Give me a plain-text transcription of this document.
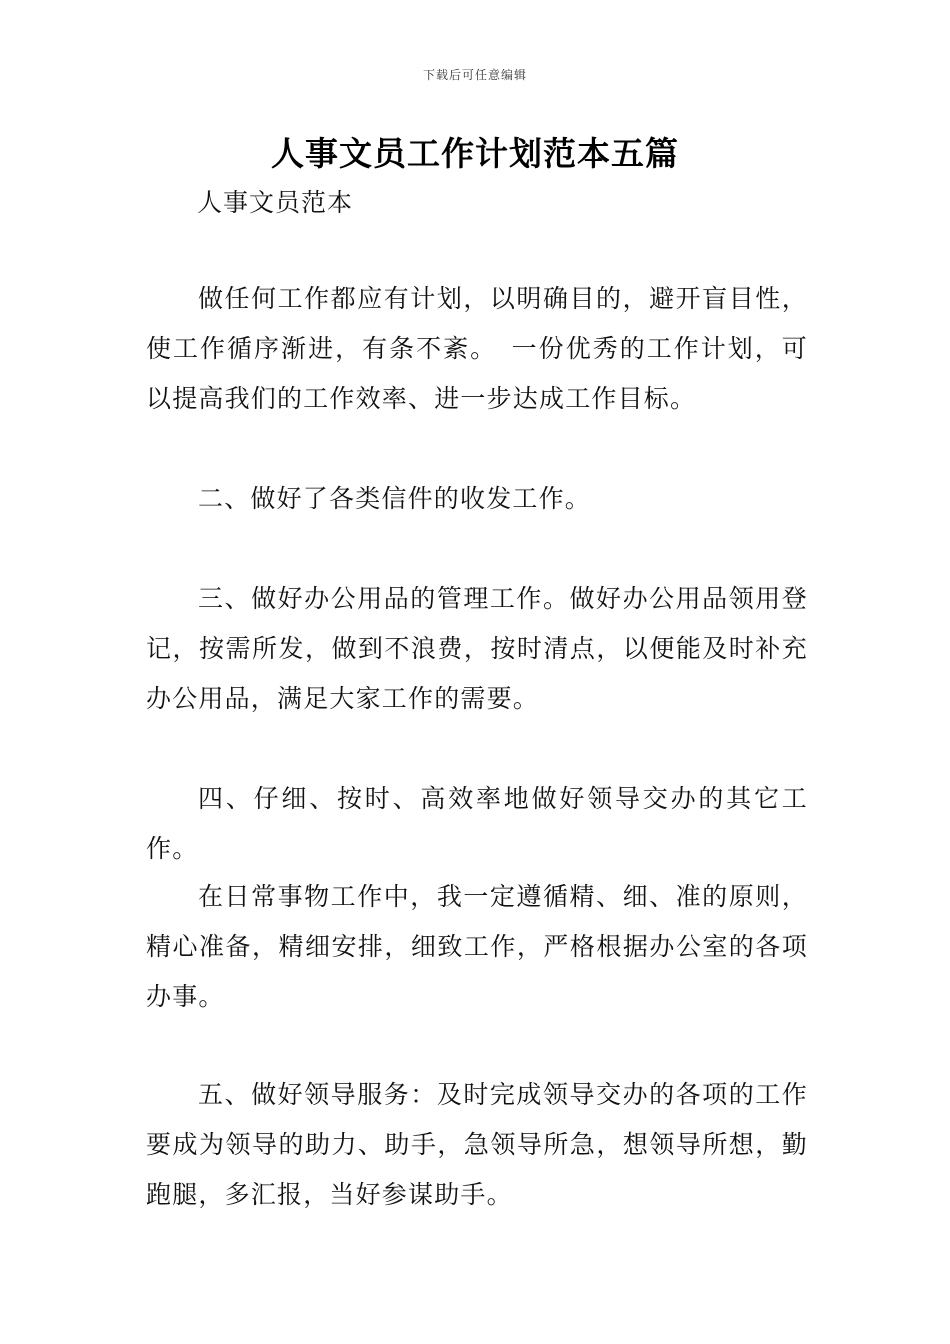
下载后可任意编辑
人事文员工作计划范本五篇
人事文员范本

做任何工作都应有计划，以明确目的，避开盲目性，使工作循序渐进，有条不紊。　一份优秀的工作计划，可以提高我们的工作效率、进一步达成工作目标。

二、做好了各类信件的收发工作。

三、做好办公用品的管理工作。做好办公用品领用登记，按需所发，做到不浪费，按时清点，以便能及时补充办公用品，满足大家工作的需要。

四、仔细、按时、高效率地做好领导交办的其它工作。

在日常事物工作中，我一定遵循精、细、准的原则，精心准备，精细安排，细致工作，严格根据办公室的各项办事。

五、做好领导服务：及时完成领导交办的各项的工作要成为领导的助力、助手，急领导所急，想领导所想，勤跑腿，多汇报，当好参谋助手。
